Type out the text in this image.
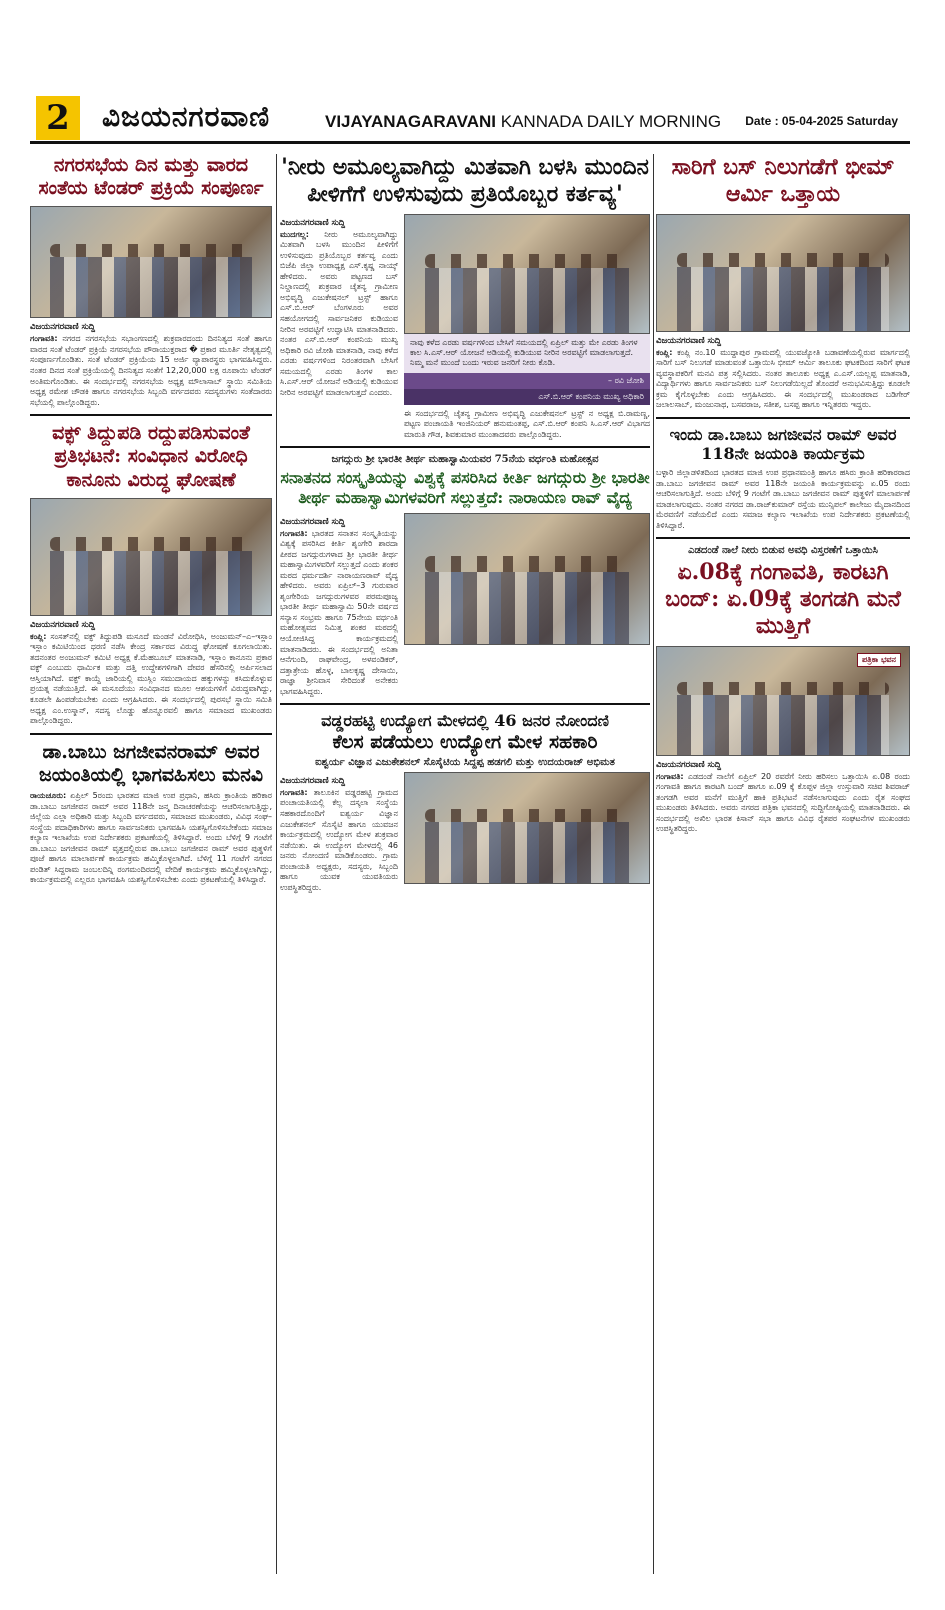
2	ವಿಜಯನಗರವಾಣಿ	VIJAYANAGARAVANI KANNADA DAILY MORNING Date : 05-04-2025 Saturday
ನಗರಸಭೆಯ ದಿನ ಮತ್ತು ವಾರದ ಸಂತೆಯ ಟೆಂಡರ್ ಪ್ರಕ್ರಿಯೆ ಸಂಪೂರ್ಣ
ವಿಜಯನಗರವಾಣಿ ಸುದ್ದಿ
ಗಂಗಾವತಿ: ನಗರದ ನಗರಸಭೆಯ ಸಭಾಂಗಣದಲ್ಲಿ ಶುಕ್ರವಾರದಂದು ದಿನನಿತ್ಯದ ಸಂತೆ ಹಾಗೂ ವಾರದ ಸಂತೆ ಟೆಂಡರ್ ಪ್ರಕ್ರಿಯೆ ನಗರಸಭೆಯ ಪೌರಾಯುಕ್ತರಾದ � ಪ್ರಕಾರ ಮೂರ್ತಿ ನೇತೃತ್ವದಲ್ಲಿ ಸಂಪೂರ್ಣಗೊಂಡಿತು. ಸಂತೆ ಟೆಂಡರ್ ಪ್ರಕ್ರಿಯೆಯ 15 ಅರ್ಜಿ ವ್ಯಾಪಾರಸ್ಥರು ಭಾಗವಹಿಸಿದ್ದರು. ನಂತರ ದಿನದ ಸಂತೆ ಪ್ರಕ್ರಿಯೆಯಲ್ಲಿ ದಿನನಿತ್ಯದ ಸಂತೆಗೆ 12,20,000 ಲಕ್ಷ ರೂಪಾಯಿ ಟೆಂಡರ್ ಅಂತಿಮಗೊಂಡಿತು. ಈ ಸಂದರ್ಭದಲ್ಲಿ ನಗರಸಭೆಯ ಅಧ್ಯಕ್ಷ ಮೌಲಾಸಾಬ್ ಸ್ಥಾಯಿ ಸಮಿತಿಯ ಅಧ್ಯಕ್ಷ ರಮೇಶ ಚೌಡಕಿ ಹಾಗೂ ನಗರಸಭೆಯ ಸಿಬ್ಬಂದಿ ವರ್ಗದವರು ಸದಸ್ಯರುಗಳು ಸಂತೆದಾರರು ಸಭೆಯಲ್ಲಿ ಪಾಲ್ಗೊಂಡಿದ್ದರು.
ವಕ್ಫ್ ತಿದ್ದುಪಡಿ ರದ್ದುಪಡಿಸುವಂತೆ ಪ್ರತಿಭಟನೆ: ಸಂವಿಧಾನ ವಿರೋಧಿ ಕಾನೂನು ವಿರುದ್ಧ ಘೋಷಣೆ
ವಿಜಯನಗರವಾಣಿ ಸುದ್ದಿ
ಕಂಪ್ಲಿ: ಸಂಸತ್‌ನಲ್ಲಿ ವಕ್ಫ್ ತಿದ್ದುಪಡಿ ಮಸೂದೆ ಮಂಡನೆ ವಿರೋಧಿಸಿ, ಅಂಜುಮನ್–ಎ–ಇಸ್ಲಾಂ ಇಸ್ಲಾಂ ಕಮಿಟಿಯಿಂದ ಧರಣಿ ನಡೆಸಿ ಕೇಂದ್ರ ಸರ್ಕಾರದ ವಿರುದ್ಧ ಘೋಷಣೆ ಕೂಗಲಾಯಿತು. ತದನಂತರ ಅಂಜುಮನ್ ಕಮಿಟಿ ಅಧ್ಯಕ್ಷ ಕೆ.ಮೆಹಬೂಬ್ ಮಾತನಾಡಿ, ಇಸ್ಲಾಂ ಕಾನೂನು ಪ್ರಕಾರ ವಕ್ಫ್ ಎಂಬುದು ಧಾರ್ಮಿಕ ಮತ್ತು ದತ್ತಿ ಉದ್ದೇಶಗಳಿಗಾಗಿ ದೇವರ ಹೆಸರಿನಲ್ಲಿ ಅರ್ಪಿಸಲಾದ ಆಸ್ತಿಯಾಗಿದೆ. ವಕ್ಫ್ ಕಾಯ್ದೆ ಜಾರಿಯಲ್ಲಿ ಮುಸ್ಲಿಂ ಸಮುದಾಯದ ಹಕ್ಕುಗಳನ್ನು ಕಸಿದುಕೊಳ್ಳುವ ಪ್ರಯತ್ನ ನಡೆಯುತ್ತಿದೆ. ಈ ಮಸೂದೆಯು ಸಂವಿಧಾನದ ಮೂಲ ಆಶಯಗಳಿಗೆ ವಿರುದ್ಧವಾಗಿದ್ದು, ಕೂಡಲೇ ಹಿಂಪಡೆಯಬೇಕು ಎಂದು ಆಗ್ರಹಿಸಿದರು. ಈ ಸಂದರ್ಭದಲ್ಲಿ ಪುರಸಭೆ ಸ್ಥಾಯಿ ಸಮಿತಿ ಅಧ್ಯಕ್ಷ ಎಂ.ಉಸ್ಮಾನ್, ಸದಸ್ಯ ಲೊಡ್ಡು ಹೊನ್ನೂರವಲಿ ಹಾಗೂ ಸಮಾಜದ ಮುಖಂಡರು ಪಾಲ್ಗೊಂಡಿದ್ದರು.
ಡಾ.ಬಾಬು ಜಗಜೀವನರಾಮ್ ಅವರ ಜಯಂತಿಯಲ್ಲಿ ಭಾಗವಹಿಸಲು ಮನವಿ
ರಾಯಚೂರು: ಏಪ್ರಿಲ್ 5ರಂದು ಭಾರತದ ಮಾಜಿ ಉಪ ಪ್ರಧಾನಿ, ಹಸಿರು ಕ್ರಾಂತಿಯ ಹರಿಕಾರ ಡಾ.ಬಾಬು ಜಗಜೀವನ ರಾಮ್ ಅವರ 118ನೇ ಜನ್ಮ ದಿನಾಚರಣೆಯನ್ನು ಆಚರಿಸಲಾಗುತ್ತಿದ್ದು, ಜಿಲ್ಲೆಯ ಎಲ್ಲಾ ಅಧಿಕಾರಿ ಮತ್ತು ಸಿಬ್ಬಂದಿ ವರ್ಗದವರು, ಸಮಾಜದ ಮುಖಂಡರು, ವಿವಿಧ ಸಂಘ–ಸಂಸ್ಥೆಯ ಪದಾಧಿಕಾರಿಗಳು ಹಾಗೂ ಸಾರ್ವಜನಿಕರು ಭಾಗವಹಿಸಿ ಯಶಸ್ವಿಗೊಳಿಸಬೇಕೆಂದು ಸಮಾಜ ಕಲ್ಯಾಣ ಇಲಾಖೆಯ ಉಪ ನಿರ್ದೇಶಕರು ಪ್ರಕಟಣೆಯಲ್ಲಿ ತಿಳಿಸಿದ್ದಾರೆ. ಅಂದು ಬೆಳಿಗ್ಗೆ 9 ಗಂಟೆಗೆ ಡಾ.ಬಾಬು ಜಗಜೀವನ ರಾಮ್ ವೃತ್ತದಲ್ಲಿರುವ ಡಾ.ಬಾಬು ಜಗಜೀವನ ರಾಮ್ ಅವರ ಪುತ್ಥಳಿಗೆ ಪೂಜೆ ಹಾಗೂ ಮಾಲಾರ್ಪಣೆ ಕಾರ್ಯಕ್ರಮ ಹಮ್ಮಿಕೊಳ್ಳಲಾಗಿದೆ. ಬೆಳಿಗ್ಗೆ 11 ಗಂಟೆಗೆ ನಗರದ ಪಂಡಿತ್ ಸಿದ್ದರಾಮ ಜಂಬಲದಿನ್ನಿ ರಂಗಮಂದಿರದಲ್ಲಿ ವೇದಿಕೆ ಕಾರ್ಯಕ್ರಮ ಹಮ್ಮಿಕೊಳ್ಳಲಾಗಿದ್ದು, ಕಾರ್ಯಕ್ರಮದಲ್ಲಿ ಎಲ್ಲರೂ ಭಾಗವಹಿಸಿ ಯಶಸ್ವಿಗೊಳಿಸಬೇಕು ಎಂದು ಪ್ರಕಟಣೆಯಲ್ಲಿ ತಿಳಿಸಿದ್ದಾರೆ.
'ನೀರು ಅಮೂಲ್ಯವಾಗಿದ್ದು ಮಿತವಾಗಿ ಬಳಸಿ ಮುಂದಿನ ಪೀಳಿಗೆಗೆ ಉಳಿಸುವುದು ಪ್ರತಿಯೊಬ್ಬರ ಕರ್ತವ್ಯ'
ವಿಜಯನಗರವಾಣಿ ಸುದ್ದಿ
ಮುದಗಲ್ಲ: ನೀರು ಅಮೂಲ್ಯವಾಗಿದ್ದು ಮಿತವಾಗಿ ಬಳಸಿ ಮುಂದಿನ ಪೀಳಿಗೆಗೆ ಉಳಿಸುವುದು ಪ್ರತಿಯೊಬ್ಬರ ಕರ್ತವ್ಯ ಎಂದು ಬಿಜೆಪಿ ಜಿಲ್ಲಾ ಉಪಾಧ್ಯಕ್ಷ ಎಸ್.ಕೃಷ್ಣ ನಾಯ್ಕ್ ಹೇಳಿದರು. ಅವರು ಪಟ್ಟಣದ ಬಸ್ ನಿಲ್ದಾಣದಲ್ಲಿ ಶುಕ್ರವಾರ ಚೈತನ್ಯ ಗ್ರಾಮೀಣ ಅಭಿವೃದ್ಧಿ ಎಜುಕೇಷನಲ್ ಟ್ರಸ್ಟ್ ಹಾಗೂ ಎಸ್.ಬಿ.ಆರ್ ಬೆಂಗಳೂರು ಅವರ ಸಹಯೋಗದಲ್ಲಿ ಸಾರ್ವಜನಿಕರ ಕುಡಿಯುವ ನೀರಿನ ಅರವಟ್ಟಿಗೆ ಉದ್ಘಾಟಿಸಿ ಮಾತನಾಡಿದರು. ನಂತರ ಎಸ್.ಬಿ.ಆರ್ ಕಂಪನಿಯ ಮುಖ್ಯ ಅಧಿಕಾರಿ ರವಿ ಜೋಶಿ ಮಾತನಾಡಿ, ನಾವು ಕಳೆದ ಎರಡು ವರ್ಷಗಳಿಂದ ನಿರಂತರವಾಗಿ ಬೇಸಿಗೆ ಸಮಯದಲ್ಲಿ ಎರಡು ತಿಂಗಳ ಕಾಲ ಸಿ.ಎಸ್.ಆರ್ ಯೋಜನೆ ಅಡಿಯಲ್ಲಿ ಕುಡಿಯುವ ನೀರಿನ ಅರವಟ್ಟಿಗೆ ಮಾಡಲಾಗುತ್ತದೆ ಎಂದರು.
ನಾವು ಕಳೆದ ಎರಡು ವರ್ಷಗಳಿಂದ ಬೇಸಿಗೆ ಸಮಯದಲ್ಲಿ ಏಪ್ರಿಲ್ ಮತ್ತು ಮೇ ಎರಡು ತಿಂಗಳ ಕಾಲ ಸಿ.ಎಸ್.ಆರ್ ಯೋಜನೆ ಅಡಿಯಲ್ಲಿ ಕುಡಿಯುವ ನೀರಿನ ಅರವಟ್ಟಿಗೆ ಮಾಡಲಾಗುತ್ತದೆ. ನಿಮ್ಮ ಮನೆ ಮುಂದೆ ಬಂದು ಇರುವ ಜನರಿಗೆ ನೀರು ಕೊಡಿ.
– ರವಿ ಜೋಶಿ
ಎಸ್.ಬಿ.ಆರ್ ಕಂಪನಿಯ ಮುಖ್ಯ ಅಧಿಕಾರಿ
ಈ ಸಂದರ್ಭದಲ್ಲಿ ಚೈತನ್ಯ ಗ್ರಾಮೀಣ ಅಭಿವೃದ್ಧಿ ಎಜುಕೇಷನಲ್ ಟ್ರಸ್ಟ್ ನ ಅಧ್ಯಕ್ಷ ಬಿ.ರಾಮಣ್ಣ, ಪಟ್ಟಣ ಪಂಚಾಯತಿ ಇಂಜಿನಿಯರ್ ಹನುಮಂತಪ್ಪ, ಎಸ್.ಬಿ.ಆರ್ ಕಂಪನಿ ಸಿ.ಎಸ್.ಆರ್ ವಿಭಾಗದ ಮಾರುತಿ ಗೌಡ, ಶಿವಕುಮಾರ ಮುಂತಾದವರು ಪಾಲ್ಗೊಂಡಿದ್ದರು.
ಜಗದ್ಗುರು ಶ್ರೀ ಭಾರತೀ ತೀರ್ಥ ಮಹಾಸ್ವಾಮಿಯವರ 75ನೆಯ ವರ್ಧಂತಿ ಮಹೋತ್ಸವ
ಸನಾತನದ ಸಂಸ್ಕೃತಿಯನ್ನು ವಿಶ್ವಕ್ಕೆ ಪಸರಿಸಿದ ಕೀರ್ತಿ ಜಗದ್ಗುರು ಶ್ರೀ ಭಾರತೀ ತೀರ್ಥ ಮಹಾಸ್ವಾಮಿಗಳವರಿಗೆ ಸಲ್ಲುತ್ತದೆ: ನಾರಾಯಣ ರಾವ್ ವೈದ್ಯ
ವಿಜಯನಗರವಾಣಿ ಸುದ್ದಿ
ಗಂಗಾವತಿ: ಭಾರತದ ಸನಾತನ ಸಂಸ್ಕೃತಿಯನ್ನು ವಿಶ್ವಕ್ಕೆ ಪಸರಿಸಿದ ಕೀರ್ತಿ ಶೃಂಗೇರಿ ಶಾರದಾ ಪೀಠದ ಜಗದ್ಗುರುಗಳಾದ ಶ್ರೀ ಭಾರತೀ ತೀರ್ಥ ಮಹಾಸ್ವಾಮಿಗಳವರಿಗೆ ಸಲ್ಲುತ್ತದೆ ಎಂದು ಶಂಕರ ಮಠದ ಧರ್ಮದರ್ಶಿ ನಾರಾಯಣರಾವ್ ವೈದ್ಯ ಹೇಳಿದರು. ಅವರು ಏಪ್ರಿಲ್–3 ಗುರುವಾರ ಶೃಂಗೇರಿಯ ಜಗದ್ಗುರುಗಳವರ ಪರಮಪೂಜ್ಯ ಭಾರತೀ ತೀರ್ಥ ಮಹಾಸ್ವಾಮಿ 50ನೇ ವರ್ಷದ ಸನ್ಯಾಸ ಸಂಭ್ರಮ ಹಾಗೂ 75ನೇಯ ವರ್ಧಂತಿ ಮಹೋತ್ಸವದ ನಿಮಿತ್ತ ಶಂಕರ ಮಠದಲ್ಲಿ ಆಯೋಜಿಸಿದ್ದ ಕಾರ್ಯಕ್ರಮದಲ್ಲಿ ಮಾತನಾಡಿದರು. ಈ ಸಂದರ್ಭದಲ್ಲಿ ಅನಿತಾ ಆನೆಗುಂದಿ, ರಾಘವೇಂದ್ರ, ಅಳವಂಡಿಕರ್, ದತ್ತಾತ್ರೇಯ ಹೊಳ್ಳ, ಬಾಲಕೃಷ್ಣ ದೇಸಾಯಿ, ರಾಜ್ಞಾ ಶ್ರೀನಿವಾಸ ಸೇರಿದಂತೆ ಅನೇಕರು ಭಾಗವಹಿಸಿದ್ದರು.
ವಡ್ಡರಹಟ್ಟಿ ಉದ್ಯೋಗ ಮೇಳದಲ್ಲಿ 46 ಜನರ ನೋಂದಣಿ
ಕೆಲಸ ಪಡೆಯಲು ಉದ್ಯೋಗ ಮೇಳ ಸಹಕಾರಿ
ಐಶ್ವರ್ಯ ವಿಜ್ಞಾನ ಎಜುಕೇಶನಲ್ ಸೊಸೈಟಿಯ ಸಿದ್ದಪ್ಪ ಹಡಗಲಿ ಮತ್ತು ಉದಯರಾಜ್ ಅಭಿಮತ
ವಿಜಯನಗರವಾಣಿ ಸುದ್ದಿ
ಗಂಗಾವತಿ: ತಾಲೂಕಿನ ವಡ್ಡರಹಟ್ಟಿ ಗ್ರಾಮದ ಪಂಚಾಯತಿಯಲ್ಲಿ ಕೆಲ್ಲ ದಸ್ಕಲಾ ಸಂಸ್ಥೆಯ ಸಹಕಾರದೊಂದಿಗೆ ಐಶ್ವರ್ಯ ವಿಜ್ಞಾನ ಎಜುಕೇಶನಲ್ ಸೊಸೈಟಿ ಹಾಗೂ ಯುವಜನ ಕಾರ್ಯಕ್ರಮದಲ್ಲಿ ಉದ್ಯೋಗ ಮೇಳ ಶುಕ್ರವಾರ ನಡೆಯಿತು. ಈ ಉದ್ಯೋಗ ಮೇಳದಲ್ಲಿ 46 ಜನರು ನೋಂದಣಿ ಮಾಡಿಕೊಂಡರು. ಗ್ರಾಮ ಪಂಚಾಯತಿ ಅಧ್ಯಕ್ಷರು, ಸದಸ್ಯರು, ಸಿಬ್ಬಂದಿ ಹಾಗೂ ಯುವಕ ಯುವತಿಯರು ಉಪಸ್ಥಿತರಿದ್ದರು.
ಸಾರಿಗೆ ಬಸ್ ನಿಲುಗಡೆಗೆ ಭೀಮ್ ಆರ್ಮಿ ಒತ್ತಾಯ
ವಿಜಯನಗರವಾಣಿ ಸುದ್ದಿ
ಕಂಪ್ಲಿ: ಕಂಪ್ಲಿ ನಂ.10 ಮುದ್ದಾಪುರ ಗ್ರಾಮದಲ್ಲಿ ಯುವಜ್ಯೋತಿ ಬಡಾವಣೆಯಲ್ಲಿರುವ ಮಾರ್ಗದಲ್ಲಿ ಸಾರಿಗೆ ಬಸ್ ನಿಲುಗಡೆ ಮಾಡುವಂತೆ ಒತ್ತಾಯಿಸಿ ಭೀಮ್ ಆರ್ಮಿ ತಾಲೂಕು ಘಟಕದಿಂದ ಸಾರಿಗೆ ಘಟಕ ವ್ಯವಸ್ಥಾಪಕರಿಗೆ ಮನವಿ ಪತ್ರ ಸಲ್ಲಿಸಿದರು. ನಂತರ ತಾಲೂಕು ಅಧ್ಯಕ್ಷ ಎ.ಎಸ್.ಯಲ್ಲಪ್ಪ ಮಾತನಾಡಿ, ವಿದ್ಯಾರ್ಥಿಗಳು ಹಾಗೂ ಸಾರ್ವಜನಿಕರು ಬಸ್ ನಿಲುಗಡೆಯಿಲ್ಲದೆ ತೊಂದರೆ ಅನುಭವಿಸುತ್ತಿದ್ದು ಕೂಡಲೇ ಕ್ರಮ ಕೈಗೊಳ್ಳಬೇಕು ಎಂದು ಆಗ್ರಹಿಸಿದರು. ಈ ಸಂದರ್ಭದಲ್ಲಿ ಮುಖಂಡರಾದ ಬಡಿಗೇರ್ ಜಲಾಲಸಾಬ್, ಮಂಜುನಾಥ, ಬಸವರಾಜ, ಸತೀಶ, ಬಸಪ್ಪ ಹಾಗೂ ಇನ್ನಿತರರು ಇದ್ದರು.
ಇಂದು ಡಾ.ಬಾಬು ಜಗಜೀವನ ರಾಮ್ ಅವರ 118ನೇ ಜಯಂತಿ ಕಾರ್ಯಕ್ರಮ
ಬಳ್ಳಾರಿ ಜಿಲ್ಲಾಡಳಿತದಿಂದ ಭಾರತದ ಮಾಜಿ ಉಪ ಪ್ರಧಾನಮಂತ್ರಿ ಹಾಗೂ ಹಸಿರು ಕ್ರಾಂತಿ ಹರಿಕಾರರಾದ ಡಾ.ಬಾಬು ಜಗಜೀವನ ರಾಮ್ ಅವರ 118ನೇ ಜಯಂತಿ ಕಾರ್ಯಕ್ರಮವನ್ನು ಏ.05 ರಂದು ಆಚರಿಸಲಾಗುತ್ತಿದೆ. ಅಂದು ಬೆಳಿಗ್ಗೆ 9 ಗಂಟೆಗೆ ಡಾ.ಬಾಬು ಜಗಜೀವನ ರಾಮ್ ಪುತ್ಥಳಿಗೆ ಮಾಲಾರ್ಪಣೆ ಮಾಡಲಾಗುವುದು. ನಂತರ ನಗರದ ಡಾ.ರಾಜ್‌ಕುಮಾರ್ ರಸ್ತೆಯ ಮುನ್ಸಿಪಲ್ ಕಾಲೇಜು ಮೈದಾನದಿಂದ ಮೆರವಣಿಗೆ ನಡೆಯಲಿದೆ ಎಂದು ಸಮಾಜ ಕಲ್ಯಾಣ ಇಲಾಖೆಯ ಉಪ ನಿರ್ದೇಶಕರು ಪ್ರಕಟಣೆಯಲ್ಲಿ ತಿಳಿಸಿದ್ದಾರೆ.
ಎಡದಂಡೆ ನಾಲೆ ನೀರು ಬಿಡುವ ಅವಧಿ ವಿಸ್ತರಣೆಗೆ ಒತ್ತಾಯಿಸಿ
ಏ.08ಕ್ಕೆ ಗಂಗಾವತಿ, ಕಾರಟಗಿ ಬಂದ್: ಏ.09ಕ್ಕೆ ತಂಗಡಗಿ ಮನೆ ಮುತ್ತಿಗೆ
ಪತ್ರಿಕಾ ಭವನ
ವಿಜಯನಗರವಾಣಿ ಸುದ್ದಿ
ಗಂಗಾವತಿ: ಎಡದಂಡೆ ನಾಲೆಗೆ ಏಪ್ರಿಲ್ 20 ರವರೆಗೆ ನೀರು ಹರಿಸಲು ಒತ್ತಾಯಿಸಿ ಏ.08 ರಂದು ಗಂಗಾವತಿ ಹಾಗೂ ಕಾರಟಗಿ ಬಂದ್ ಹಾಗೂ ಏ.09 ಕ್ಕೆ ಕೊಪ್ಪಳ ಜಿಲ್ಲಾ ಉಸ್ತುವಾರಿ ಸಚಿವ ಶಿವರಾಜ್ ತಂಗಡಗಿ ಅವರ ಮನೆಗೆ ಮುತ್ತಿಗೆ ಹಾಕಿ ಪ್ರತಿಭಟನೆ ನಡೆಸಲಾಗುವುದು ಎಂದು ರೈತ ಸಂಘದ ಮುಖಂಡರು ತಿಳಿಸಿದರು. ಅವರು ನಗರದ ಪತ್ರಿಕಾ ಭವನದಲ್ಲಿ ಸುದ್ದಿಗೋಷ್ಠಿಯಲ್ಲಿ ಮಾತನಾಡಿದರು. ಈ ಸಂದರ್ಭದಲ್ಲಿ ಅಖಿಲ ಭಾರತ ಕಿಸಾನ್ ಸಭಾ ಹಾಗೂ ವಿವಿಧ ರೈತಪರ ಸಂಘಟನೆಗಳ ಮುಖಂಡರು ಉಪಸ್ಥಿತರಿದ್ದರು.
